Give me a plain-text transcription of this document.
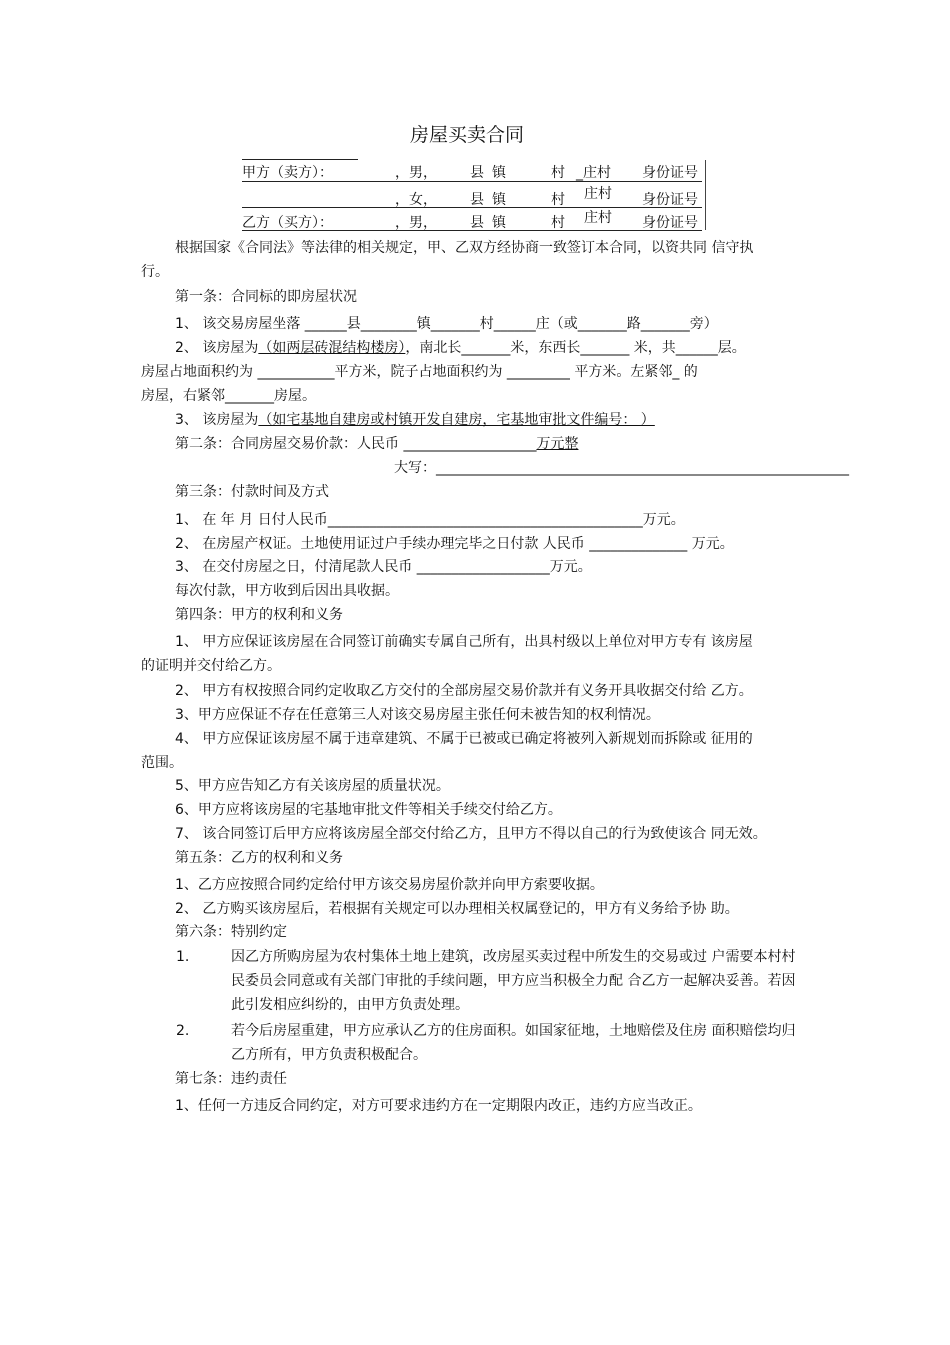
房屋买卖合同
甲方（卖方）：	，男， 县 镇	村 _庄村 身份证号
，女， 县 镇	村 庄村 身份证号
乙方（买方）：	，男， 县 镇	村 庄村 身份证号
根据国家《合同法》等法律的相关规定，甲、乙双方经协商一致签订本合同，以资共同 信守执
行。
第一条：合同标的即房屋状况
1、 该交易房屋坐落 ______县________镇_______村______庄（或_______路_______旁）
2、 该房屋为（如两层砖混结构楼房），南北长_______米，东西长_______ 米，共______层。
房屋占地面积约为 ___________平方米，院子占地面积约为 _________ 平方米。左紧邻_ 的
房屋，右紧邻_______房屋。
3、 该房屋为（如宅基地自建房或村镇开发自建房，宅基地审批文件编号： ）
第二条：合同房屋交易价款：人民币 ___________________万元整
大写：___________________________________________________________
第三条：付款时间及方式
1、 在 年 月 日付人民币_____________________________________________万元。
2、 在房屋产权证。土地使用证过户手续办理完毕之日付款 人民币 ______________ 万元。
3、 在交付房屋之日，付清尾款人民币 ___________________万元。
每次付款，甲方收到后因出具收据。
第四条：甲方的权利和义务
1、 甲方应保证该房屋在合同签订前确实专属自己所有，出具村级以上单位对甲方专有 该房屋
的证明并交付给乙方。
2、 甲方有权按照合同约定收取乙方交付的全部房屋交易价款并有义务开具收据交付给 乙方。
3、甲方应保证不存在任意第三人对该交易房屋主张任何未被告知的权利情况。
4、 甲方应保证该房屋不属于违章建筑、不属于已被或已确定将被列入新规划而拆除或 征用的
范围。
5、甲方应告知乙方有关该房屋的质量状况。
6、甲方应将该房屋的宅基地审批文件等相关手续交付给乙方。
7、 该合同签订后甲方应将该房屋全部交付给乙方，且甲方不得以自己的行为致使该合 同无效。
第五条：乙方的权利和义务
1、乙方应按照合同约定给付甲方该交易房屋价款并向甲方索要收据。
2、 乙方购买该房屋后，若根据有关规定可以办理相关权属登记的，甲方有义务给予协 助。
第六条：特别约定
1.	因乙方所购房屋为农村集体土地上建筑，改房屋买卖过程中所发生的交易或过 户需要本村村民委员会同意或有关部门审批的手续问题，甲方应当积极全力配 合乙方一起解决妥善。若因此引发相应纠纷的，由甲方负责处理。
2.	若今后房屋重建，甲方应承认乙方的住房面积。如国家征地，土地赔偿及住房 面积赔偿均归乙方所有，甲方负责积极配合。
第七条：违约责任
1、任何一方违反合同约定，对方可要求违约方在一定期限内改正，违约方应当改正。
